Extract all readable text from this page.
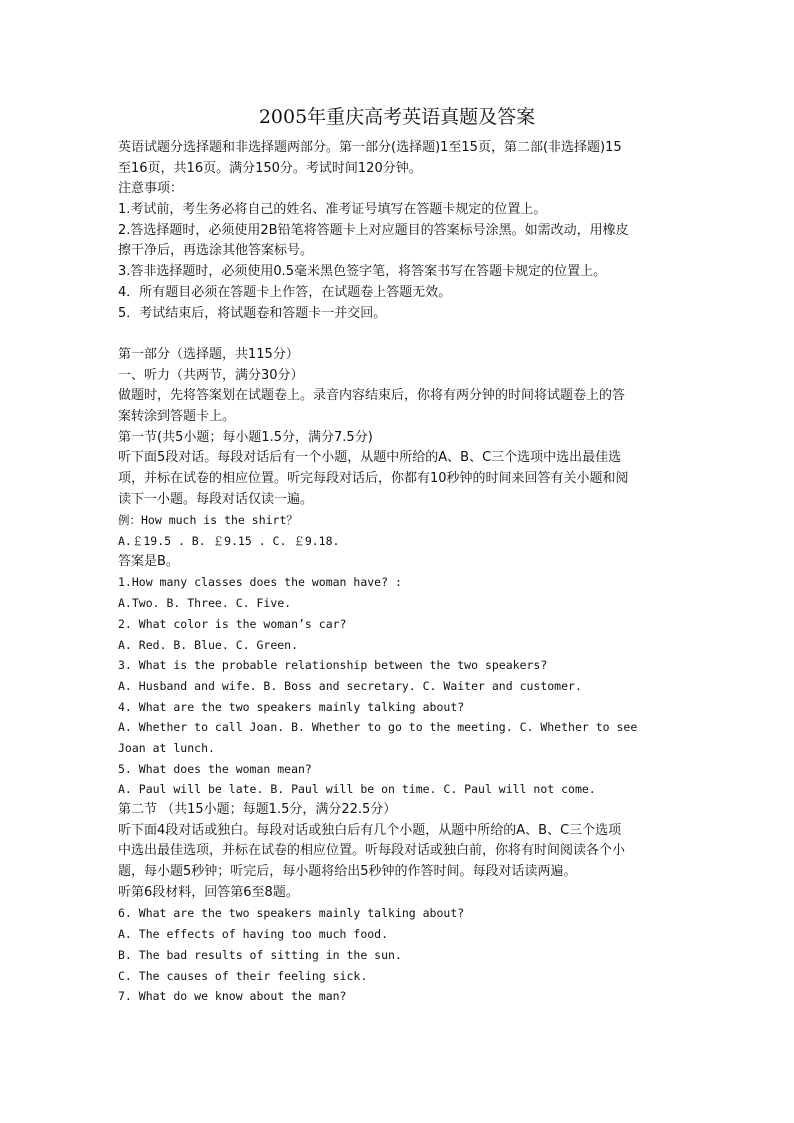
2005年重庆高考英语真题及答案
英语试题分选择题和非选择题两部分。第一部分(选择题)1至15页，第二部(非选择题)15
至16页，共16页。满分150分。考试时间120分钟。
注意事项：
1.考试前，考生务必将自己的姓名、准考证号填写在答题卡规定的位置上。
2.答选择题时，必须使用2B铅笔将答题卡上对应题目的答案标号涂黑。如需改动，用橡皮
擦干净后，再选涂其他答案标号。
3.答非选择题时，必须使用0.5毫米黑色签字笔，将答案书写在答题卡规定的位置上。
4．所有题目必须在答题卡上作答，在试题卷上答题无效。
5．考试结束后，将试题卷和答题卡一并交回。
第一部分（选择题，共115分）
一、听力（共两节，满分30分）
做题时，先将答案划在试题卷上。录音内容结束后，你将有两分钟的时间将试题卷上的答
案转涂到答题卡上。
第一节(共5小题；每小题1.5分，满分7.5分)
听下面5段对话。每段对话后有一个小题，从题中所给的A、B、C三个选项中选出最佳选
项，并标在试卷的相应位置。听完每段对话后，你都有10秒钟的时间来回答有关小题和阅
读下一小题。每段对话仅读一遍。
例：How much is the shirt？
A.￡19.5 . B. ￡9.15 . C. ￡9.18.
答案是B。
1.How many classes does the woman have? :
A.Two. B. Three. C. Five.
2. What color is the woman’s car?
A. Red. B. Blue. C. Green.
3. What is the probable relationship between the two speakers?
A. Husband and wife. B. Boss and secretary. C. Waiter and customer.
4. What are the two speakers mainly talking about?
A. Whether to call Joan. B. Whether to go to the meeting. C. Whether to see
Joan at lunch.
5. What does the woman mean?
A. Paul will be late. B. Paul will be on time. C. Paul will not come.
第二节 （共15小题；每题1.5分，满分22.5分）
听下面4段对话或独白。每段对话或独白后有几个小题，从题中所给的A、B、C三个选项
中选出最佳选项，并标在试卷的相应位置。听每段对话或独白前，你将有时间阅读各个小
题，每小题5秒钟；听完后，每小题将给出5秒钟的作答时间。每段对话读两遍。
听第6段材料，回答第6至8题。
6. What are the two speakers mainly talking about?
A. The effects of having too much food.
B. The bad results of sitting in the sun.
C. The causes of their feeling sick.
7. What do we know about the man?
